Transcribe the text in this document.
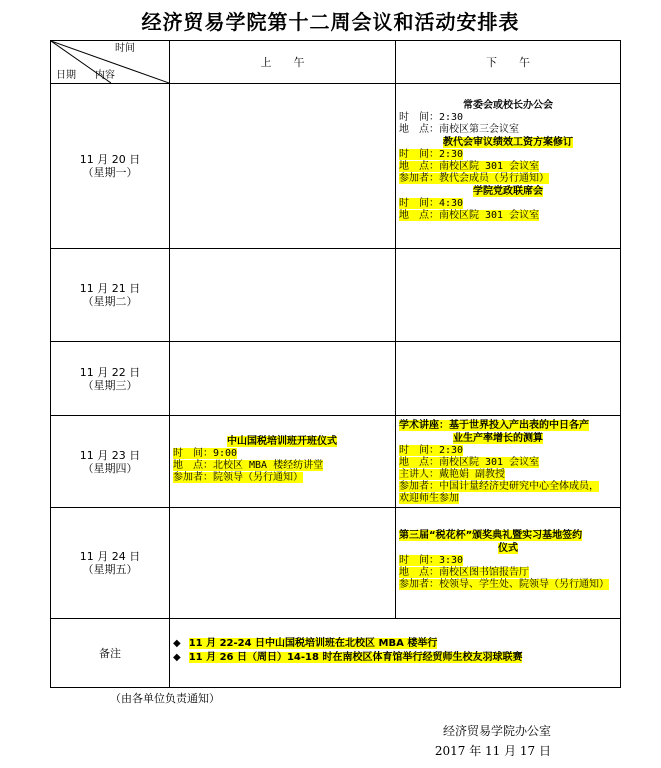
经济贸易学院第十二周会议和活动安排表
时间
日期 内容
上　　午	下　　午
11 月 20 日
（星期一）
11 月 21 日
（星期二）
11 月 22 日
（星期三）
11 月 23 日
（星期四）
11 月 24 日
（星期五）
常委会或校长办公会
时　间：2:30
地　点：南校区第三会议室
教代会审议绩效工资方案修订
时　间：2:30
地　点：南校区院 301 会议室
参加者：教代会成员（另行通知）
学院党政联席会
时　间：4:30
地　点：南校区院 301 会议室
中山国税培训班开班仪式
时　间：9:00
地　点：北校区 MBA 楼经纺讲堂
参加者：院领导（另行通知）
学术讲座：基于世界投入产出表的中日各产
业生产率增长的测算
时　间：2:30
地　点：南校区院 301 会议室
主讲人：戴艳娟 副教授
参加者：中国计量经济史研究中心全体成员，
欢迎师生参加
第三届“税花杯”颁奖典礼暨实习基地签约
仪式
时　间：3:30
地　点：南校区图书馆报告厅
参加者：校领导、学生处、院领导（另行通知）
备注
◆ 11 月 22-24 日中山国税培训班在北校区 MBA 楼举行
◆ 11 月 26 日（周日）14-18 时在南校区体育馆举行经贸师生校友羽球联赛
（由各单位负责通知）
经济贸易学院办公室
2017 年 11 月 17 日
